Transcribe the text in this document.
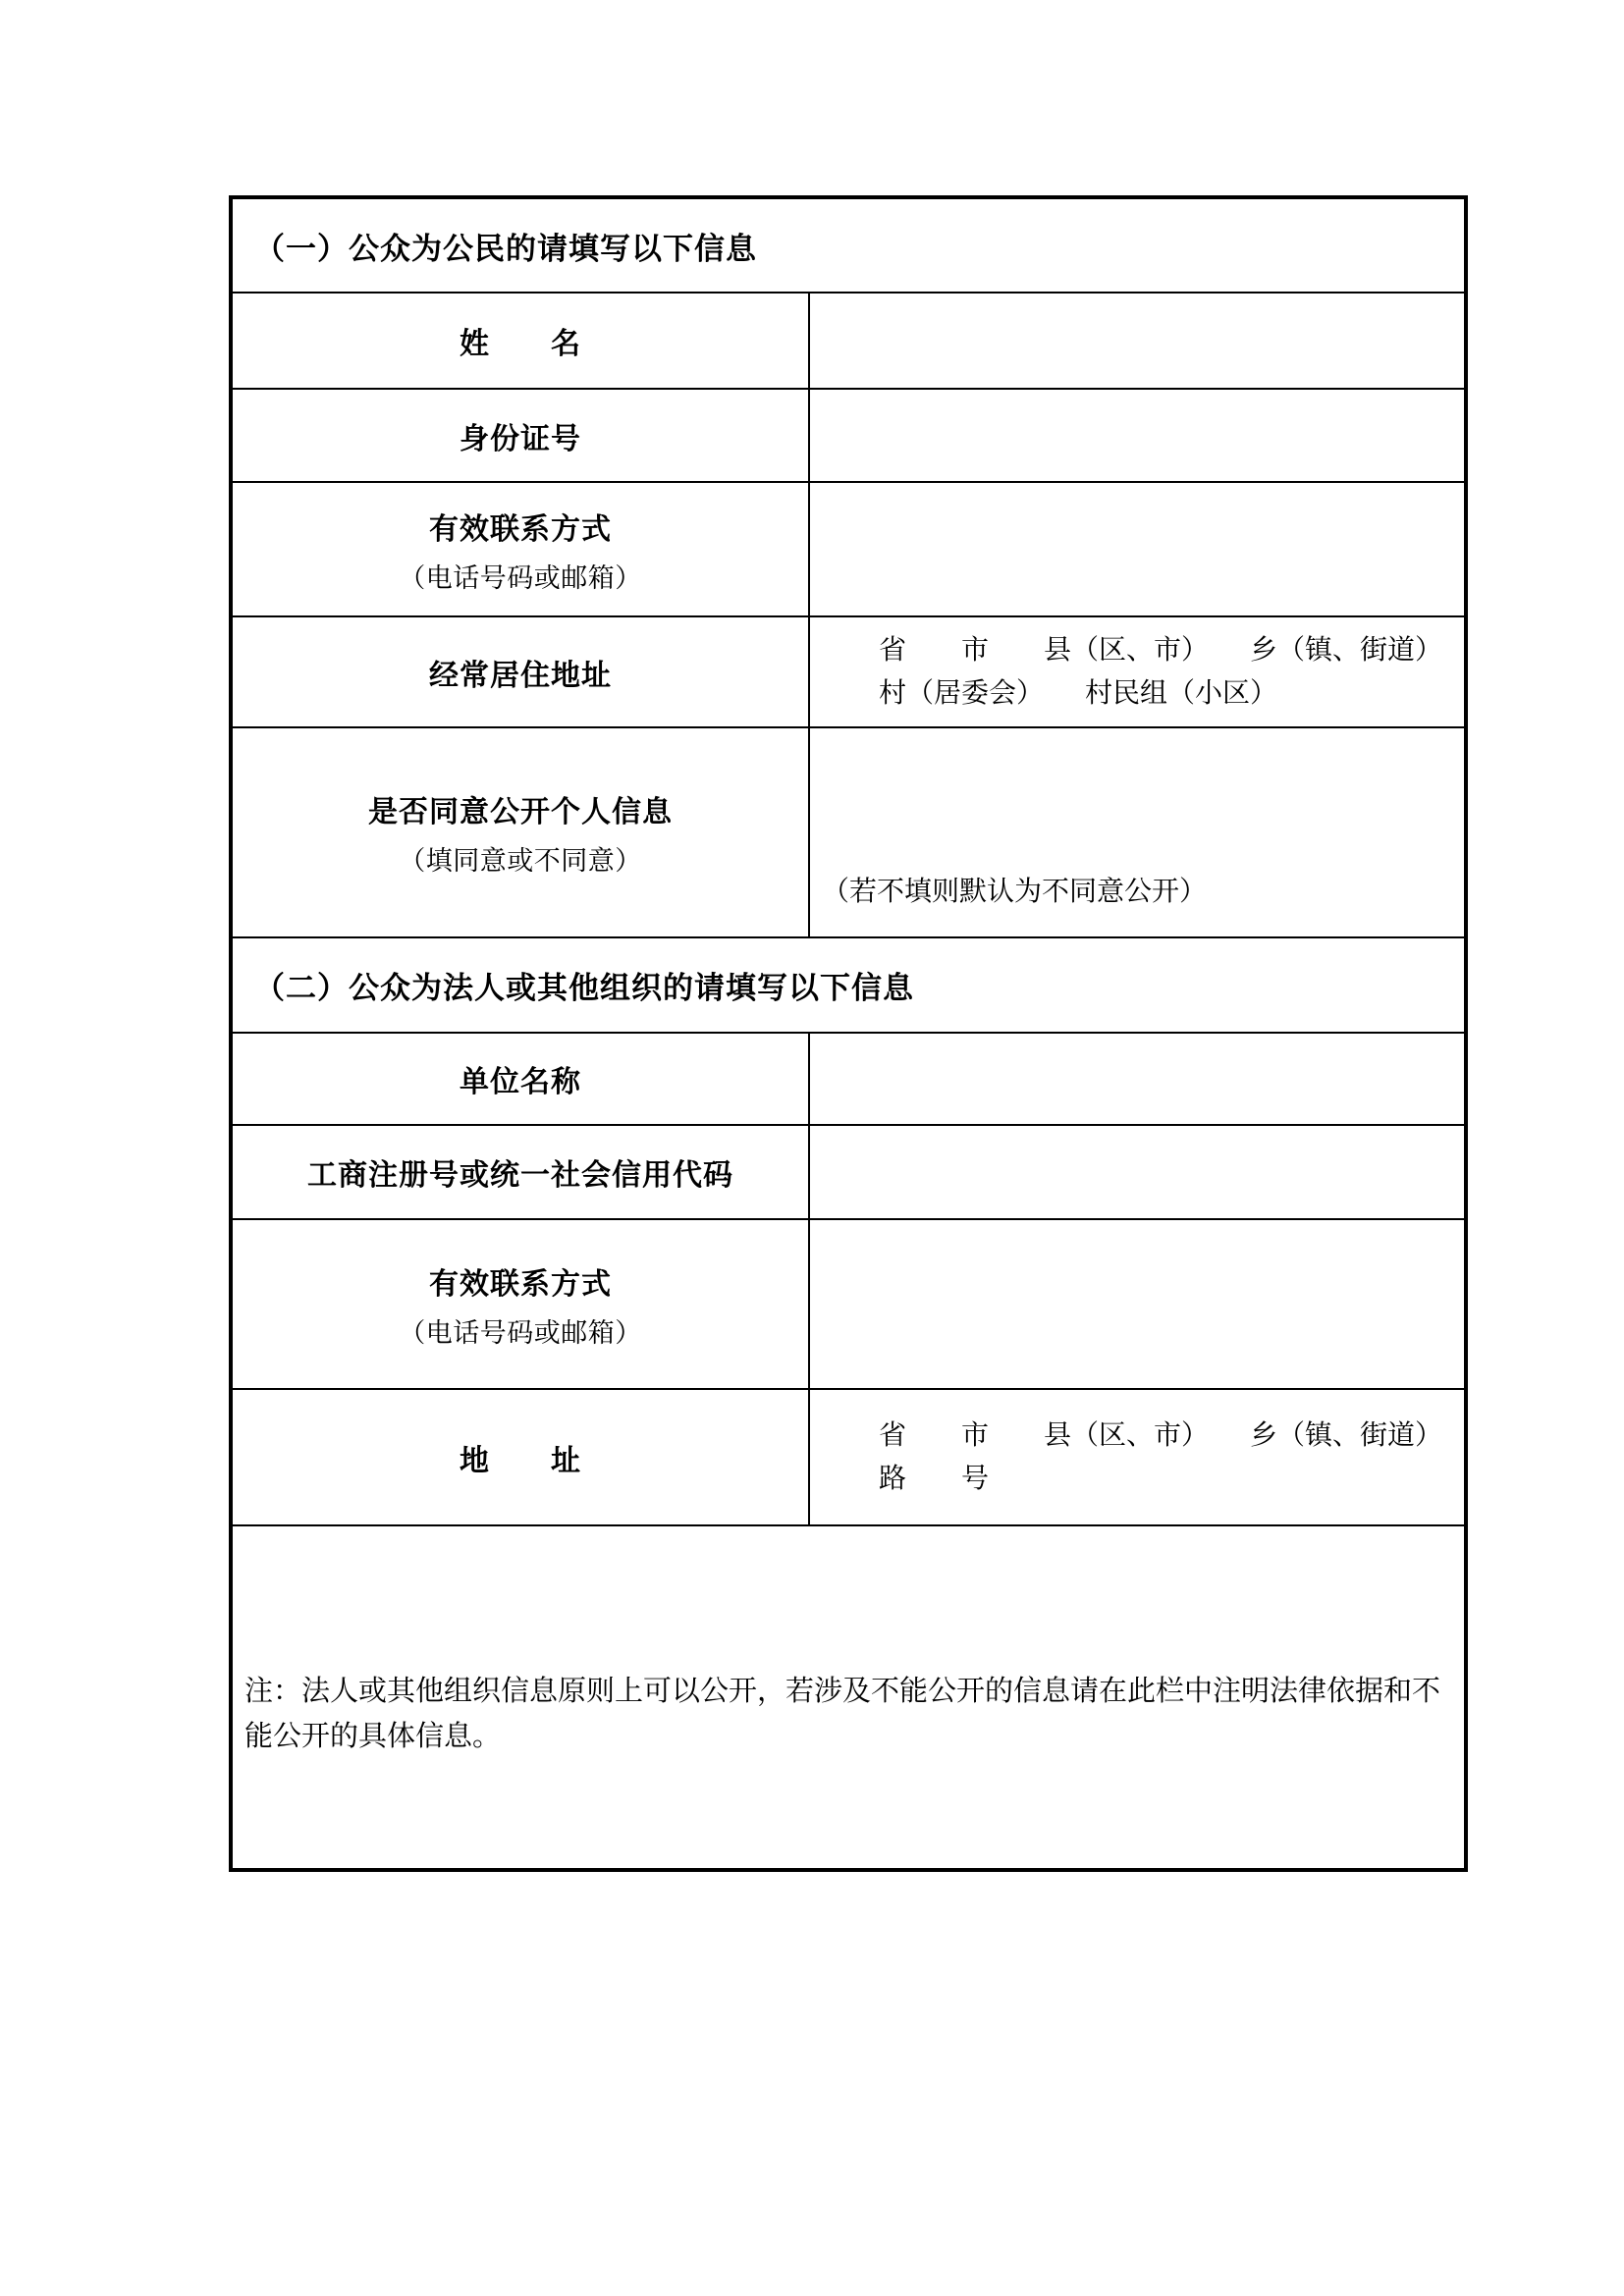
（一）公众为公民的请填写以下信息
姓　　名
身份证号
有效联系方式
（电话号码或邮箱）
经常居住地址
省　　市　　县（区、市）　　乡（镇、街道）
村（居委会）　　村民组（小区）
是否同意公开个人信息
（填同意或不同意）
（若不填则默认为不同意公开）
（二）公众为法人或其他组织的请填写以下信息
单位名称
工商注册号或统一社会信用代码
有效联系方式
（电话号码或邮箱）
地　　址
省　　市　　县（区、市）　　乡（镇、街道）
路　　号
注：法人或其他组织信息原则上可以公开，若涉及不能公开的信息请在此栏中注明法律依据和不能公开的具体信息。
